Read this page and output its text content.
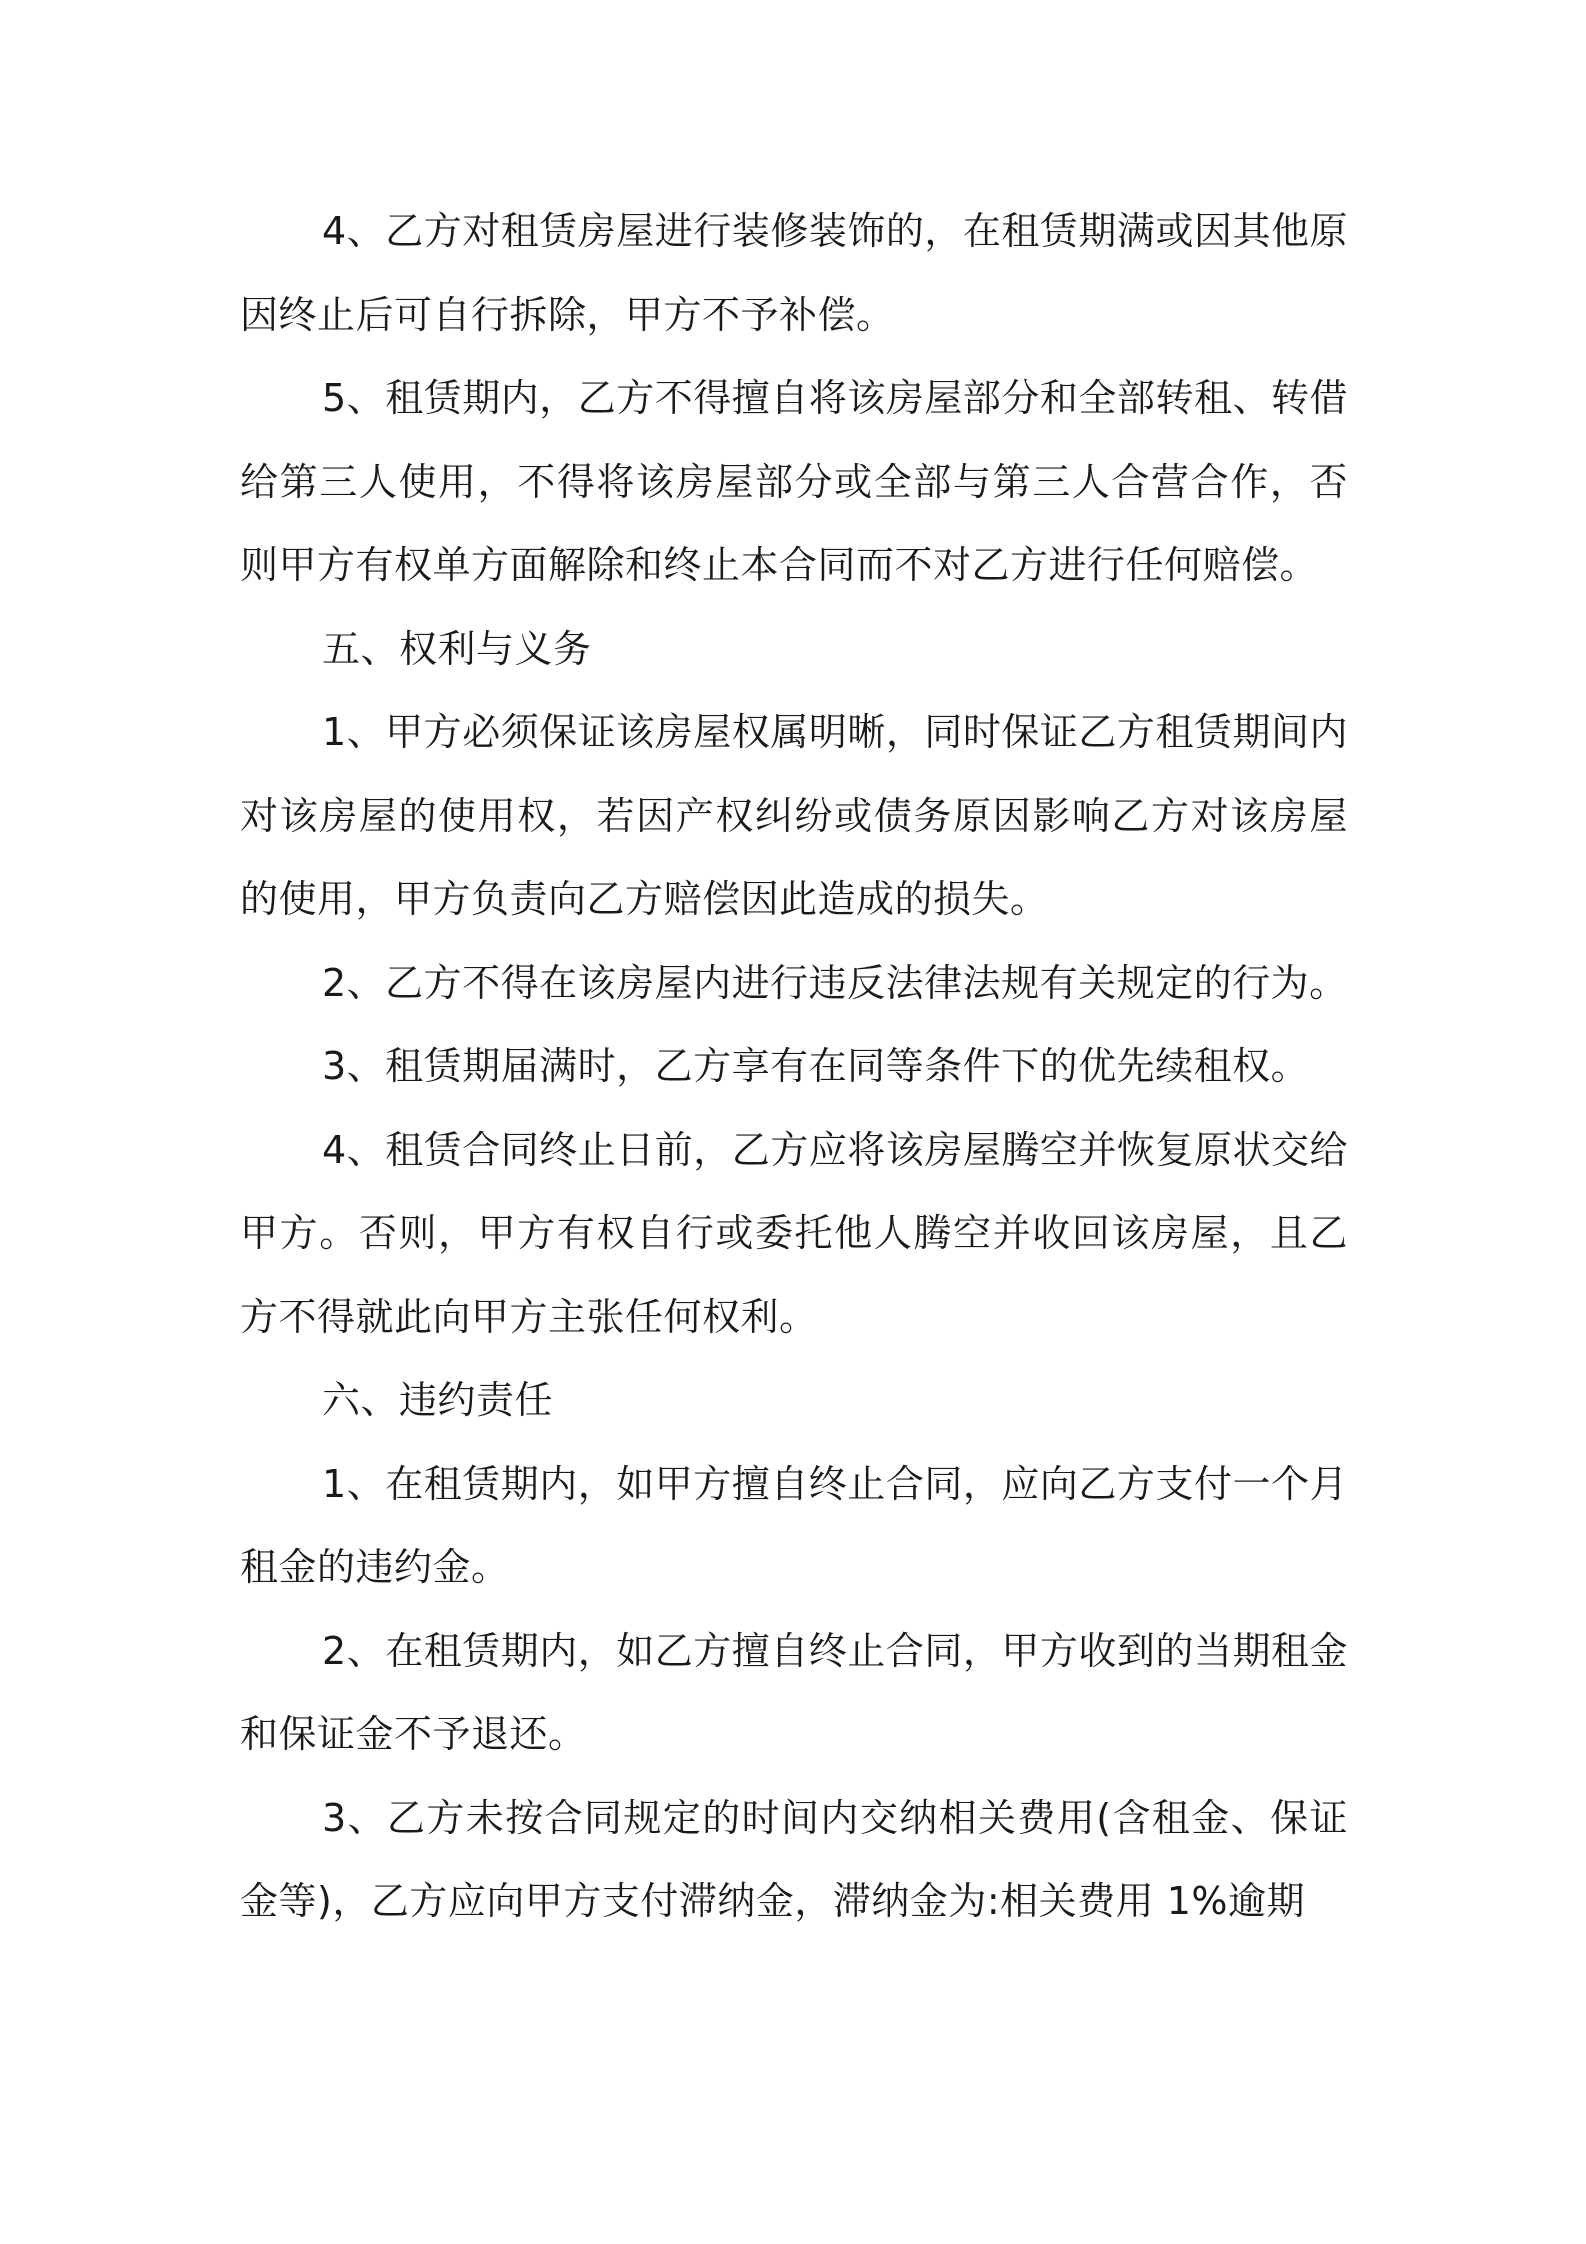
4、乙方对租赁房屋进行装修装饰的，在租赁期满或因其他原因终止后可自行拆除，甲方不予补偿。

5、租赁期内，乙方不得擅自将该房屋部分和全部转租、转借给第三人使用，不得将该房屋部分或全部与第三人合营合作，否则甲方有权单方面解除和终止本合同而不对乙方进行任何赔偿。

五、权利与义务

1、甲方必须保证该房屋权属明晰，同时保证乙方租赁期间内对该房屋的使用权，若因产权纠纷或债务原因影响乙方对该房屋的使用，甲方负责向乙方赔偿因此造成的损失。

2、乙方不得在该房屋内进行违反法律法规有关规定的行为。

3、租赁期届满时，乙方享有在同等条件下的优先续租权。

4、租赁合同终止日前，乙方应将该房屋腾空并恢复原状交给甲方。否则，甲方有权自行或委托他人腾空并收回该房屋，且乙方不得就此向甲方主张任何权利。

六、违约责任

1、在租赁期内，如甲方擅自终止合同，应向乙方支付一个月租金的违约金。

2、在租赁期内，如乙方擅自终止合同，甲方收到的当期租金和保证金不予退还。

3、乙方未按合同规定的时间内交纳相关费用(含租金、保证金等)，乙方应向甲方支付滞纳金，滞纳金为:相关费用 1%逾期
